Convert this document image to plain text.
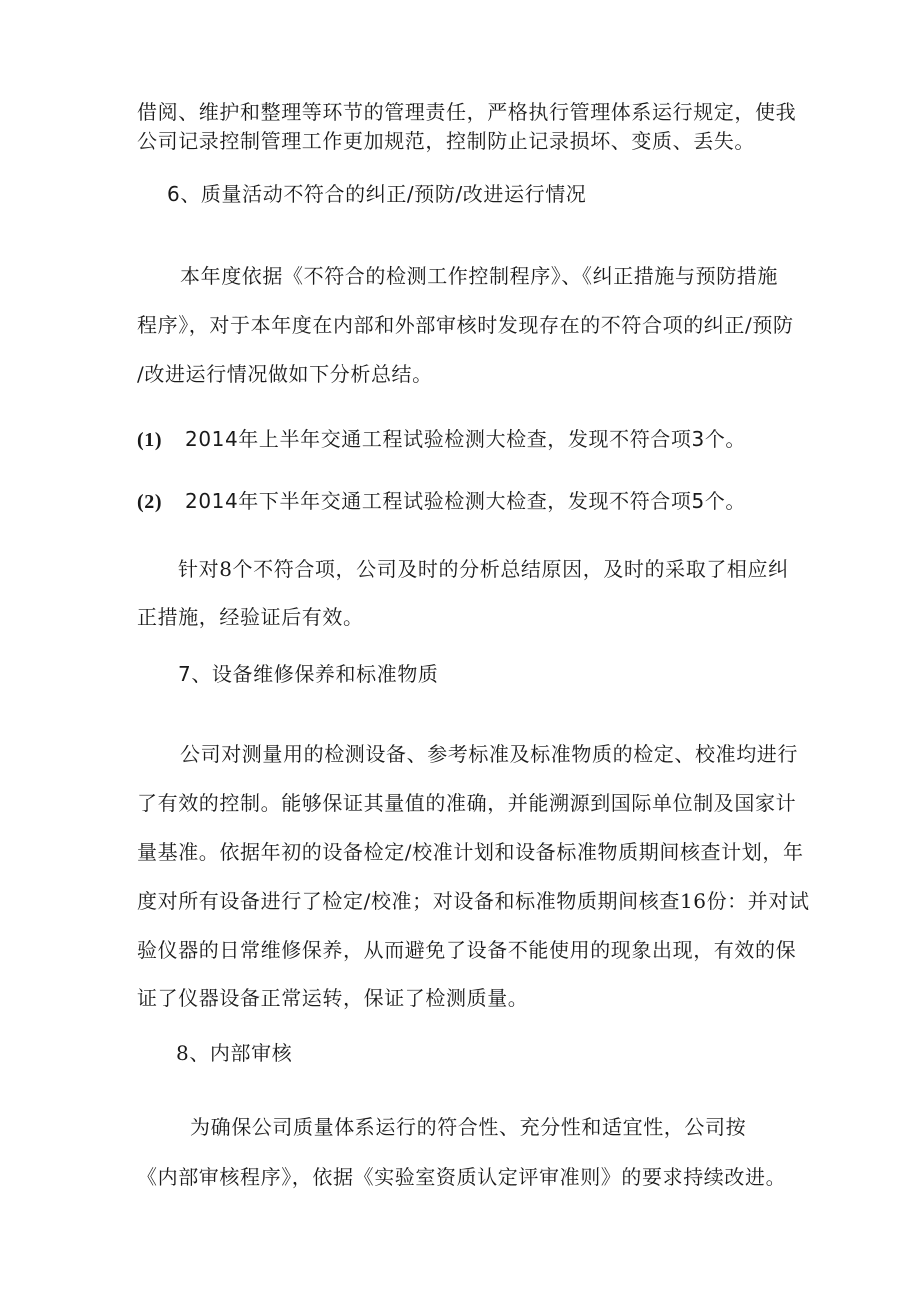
借阅、维护和整理等环节的管理责任，严格执行管理体系运行规定，使我
公司记录控制管理工作更加规范，控制防止记录损坏、变质、丢失。
6、质量活动不符合的纠正/预防/改进运行情况
本年度依据《不符合的检测工作控制程序》、《纠正措施与预防措施
程序》，对于本年度在内部和外部审核时发现存在的不符合项的纠正/预防
/改进运行情况做如下分析总结。
(1) 2014年上半年交通工程试验检测大检查，发现不符合项3个。
(2) 2014年下半年交通工程试验检测大检查，发现不符合项5个。
针对8个不符合项，公司及时的分析总结原因，及时的采取了相应纠
正措施，经验证后有效。
7、设备维修保养和标准物质
公司对测量用的检测设备、参考标准及标准物质的检定、校准均进行
了有效的控制。能够保证其量值的准确，并能溯源到国际单位制及国家计
量基准。依据年初的设备检定/校准计划和设备标准物质期间核查计划，年
度对所有设备进行了检定/校准；对设备和标准物质期间核查16份：并对试
验仪器的日常维修保养，从而避免了设备不能使用的现象出现，有效的保
证了仪器设备正常运转，保证了检测质量。
8、内部审核
为确保公司质量体系运行的符合性、充分性和适宜性，公司按
《内部审核程序》，依据《实验室资质认定评审准则》的要求持续改进。
